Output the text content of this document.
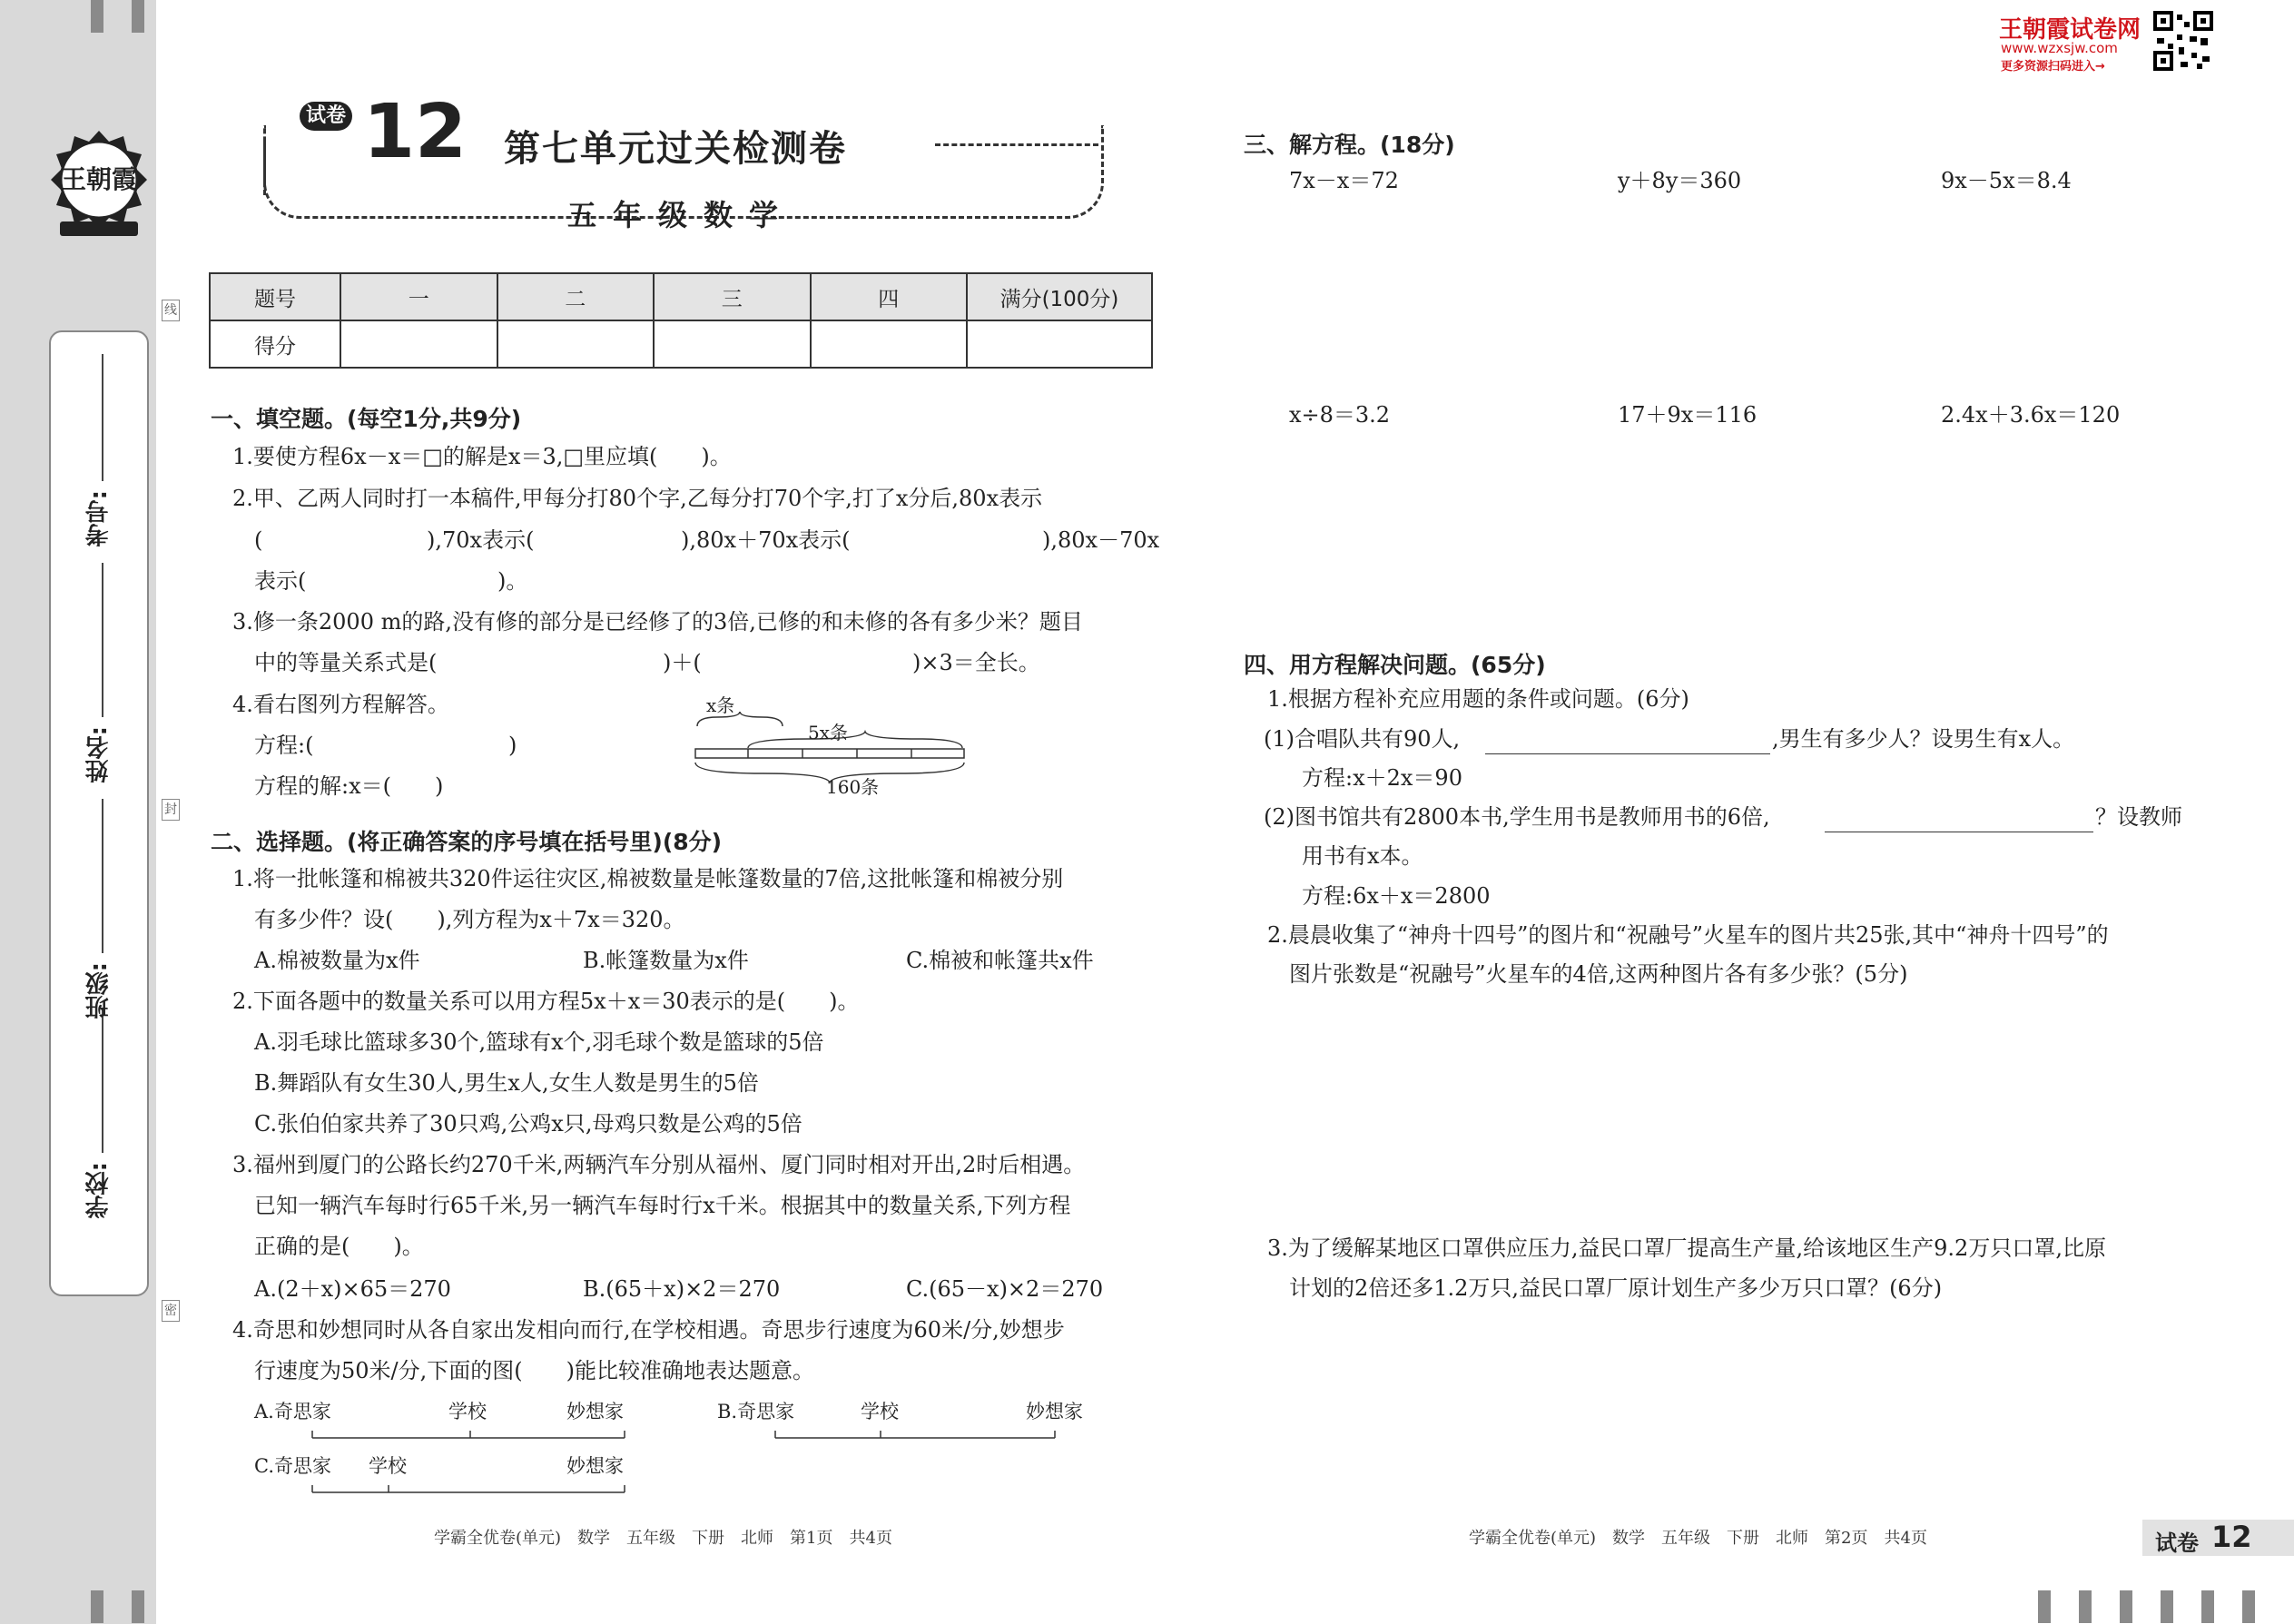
王朝霞
学校:
班级:
姓名:
考号:
线
封
密
试卷 12 第七单元过关检测卷
五年级数学
题号	一	二	三	四	满分(100分)
得分					
一、填空题。(每空1分,共9分)
1.要使方程6x－x＝□的解是x＝3,□里应填(　　)。
2.甲、乙两人同时打一本稿件,甲每分打80个字,乙每分打70个字,打了x分后,80x表示
(	),70x表示(	),80x＋70x表示(	),80x－70x
表示(	)。
3.修一条2000 m的路,没有修的部分是已经修了的3倍,已修的和未修的各有多少米？题目
中的等量关系式是(	)＋(	)×3＝全长。
4.看右图列方程解答。
方程:(	)
方程的解:x＝(　　)
x条
5x条
160条
二、选择题。(将正确答案的序号填在括号里)(8分)
1.将一批帐篷和棉被共320件运往灾区,棉被数量是帐篷数量的7倍,这批帐篷和棉被分别
有多少件？设(　　),列方程为x＋7x＝320。
A.棉被数量为x件	B.帐篷数量为x件	C.棉被和帐篷共x件
2.下面各题中的数量关系可以用方程5x＋x＝30表示的是(　　)。
A.羽毛球比篮球多30个,篮球有x个,羽毛球个数是篮球的5倍
B.舞蹈队有女生30人,男生x人,女生人数是男生的5倍
C.张伯伯家共养了30只鸡,公鸡x只,母鸡只数是公鸡的5倍
3.福州到厦门的公路长约270千米,两辆汽车分别从福州、厦门同时相对开出,2时后相遇。
已知一辆汽车每时行65千米,另一辆汽车每时行x千米。根据其中的数量关系,下列方程
正确的是(　　)。
A.(2＋x)×65＝270	B.(65＋x)×2＝270	C.(65－x)×2＝270
4.奇思和妙想同时从各自家出发相向而行,在学校相遇。奇思步行速度为60米/分,妙想步
行速度为50米/分,下面的图(　　)能比较准确地表达题意。
A.奇思家	学校	妙想家	B.奇思家	学校	妙想家
C.奇思家 学校	妙想家
学霸全优卷(单元)　数学　五年级　下册　北师　第1页　共4页
王朝霞试卷网
www.wzxsjw.com
更多资源扫码进入→
三、解方程。(18分)
7x－x＝72	y＋8y＝360	9x－5x＝8.4
x÷8＝3.2	17＋9x＝116	2.4x＋3.6x＝120
四、用方程解决问题。(65分)
1.根据方程补充应用题的条件或问题。(6分)
(1)合唱队共有90人,	,男生有多少人？设男生有x人。
方程:x＋2x＝90
(2)图书馆共有2800本书,学生用书是教师用书的6倍,	？设教师
用书有x本。
方程:6x＋x＝2800
2.晨晨收集了“神舟十四号”的图片和“祝融号”火星车的图片共25张,其中“神舟十四号”的
图片张数是“祝融号”火星车的4倍,这两种图片各有多少张？(5分)
3.为了缓解某地区口罩供应压力,益民口罩厂提高生产量,给该地区生产9.2万只口罩,比原
计划的2倍还多1.2万只,益民口罩厂原计划生产多少万只口罩？(6分)
学霸全优卷(单元)　数学　五年级　下册　北师　第2页　共4页	试卷 12
